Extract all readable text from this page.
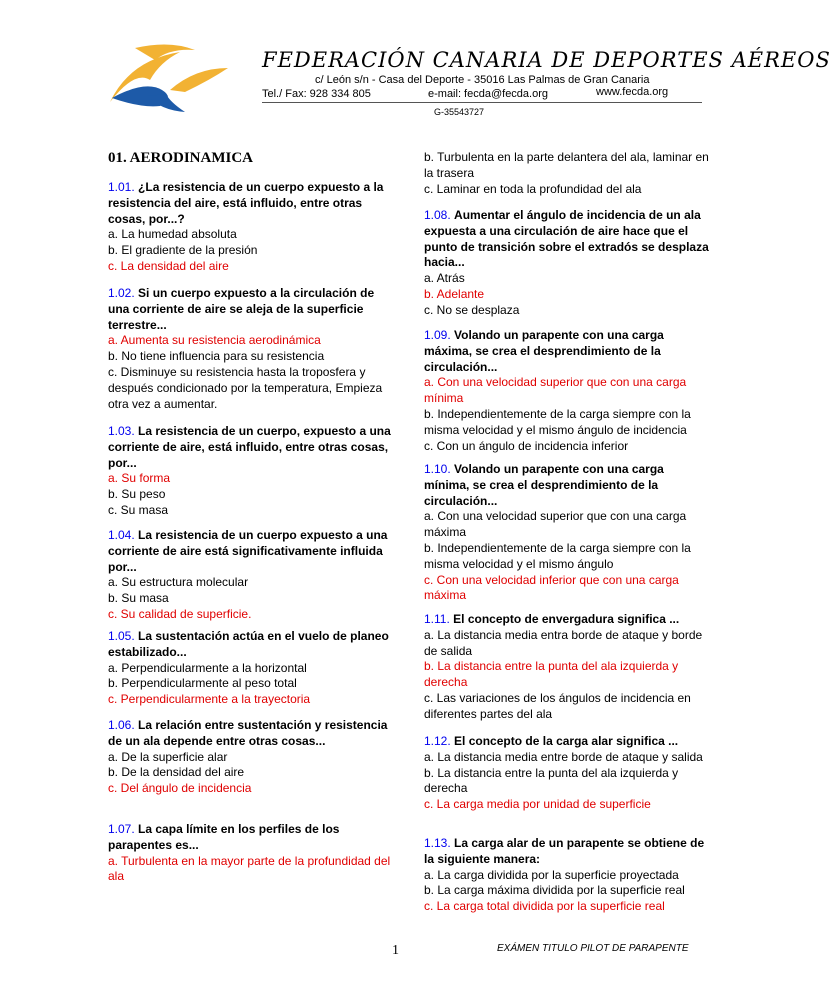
FEDERACIÓN CANARIA DE DEPORTES AÉREOS
c/ León s/n - Casa del Deporte - 35016 Las Palmas de Gran Canaria
Tel./ Fax: 928 334 805	e-mail: fecda@fecda.org	www.fecda.org
G-35543727
01. AERODINAMICA
1.01. ¿La resistencia de un cuerpo expuesto a la resistencia del aire, está influido, entre otras cosas, por...?
a. La humedad absoluta
b. El gradiente de la presión
c. La densidad del aire
1.02. Si un cuerpo expuesto a la circulación de una corriente de aire se aleja de la superficie terrestre...
a. Aumenta su resistencia aerodinámica
b. No tiene influencia para su resistencia
c. Disminuye su resistencia hasta la troposfera y después condicionado por la temperatura, Empieza otra vez a aumentar.
1.03. La resistencia de un cuerpo, expuesto a una corriente de aire, está influido, entre otras cosas, por...
a. Su forma
b. Su peso
c. Su masa
1.04. La resistencia de un cuerpo expuesto a una corriente de aire está significativamente influida por...
a. Su estructura molecular
b. Su masa
c. Su calidad de superficie.
1.05. La sustentación actúa en el vuelo de planeo estabilizado...
a. Perpendicularmente a la horizontal
b. Perpendicularmente al peso total
c. Perpendicularmente a la trayectoria
1.06. La relación entre sustentación y resistencia de un ala depende entre otras cosas...
a. De la superficie alar
b. De la densidad del aire
c. Del ángulo de incidencia
1.07. La capa límite en los perfiles de los parapentes es...
a. Turbulenta en la mayor parte de la profundidad del ala
b. Turbulenta en la parte delantera del ala, laminar en la trasera
c. Laminar en toda la profundidad del ala
1.08. Aumentar el ángulo de incidencia de un ala expuesta a una circulación de aire hace que el punto de transición sobre el extradós se desplaza hacia...
a. Atrás
b. Adelante
c. No se desplaza
1.09. Volando un parapente con una carga máxima, se crea el desprendimiento de la circulación...
a. Con una velocidad superior que con una carga mínima
b. Independientemente de la carga siempre con la misma velocidad y el mismo ángulo de incidencia
c. Con un ángulo de incidencia inferior
1.10. Volando un parapente con una carga mínima, se crea el desprendimiento de la circulación...
a. Con una velocidad superior que con una carga máxima
b. Independientemente de la carga siempre con la misma velocidad y el mismo ángulo
c. Con una velocidad inferior que con una carga máxima
1.11. El concepto de envergadura significa ...
a. La distancia media entra borde de ataque y borde de salida
b. La distancia entre la punta del ala izquierda y derecha
c. Las variaciones de los ángulos de incidencia en diferentes partes del ala
1.12. El concepto de la carga alar significa ...
a. La distancia media entre borde de ataque y salida
b. La distancia entre la punta del ala izquierda y derecha
c. La carga media por unidad de superficie
1.13. La carga alar de un parapente se obtiene de la siguiente manera:
a. La carga dividida por la superficie proyectada
b. La carga máxima dividida por la superficie real
c. La carga total dividida por la superficie real
1	EXÁMEN TITULO PILOT DE PARAPENTE
